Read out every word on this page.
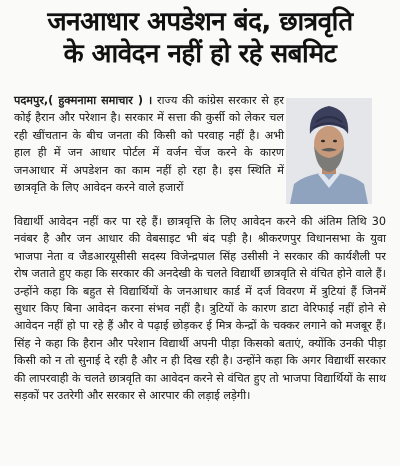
जनआधार अपडेशन बंद, छात्रवृति
के आवेदन नहीं हो रहे सबमिट
पदमपुर,( हुक्मनामा समाचार ) । राज्य की कांग्रेस सरकार से हर कोई हैरान और परेशान है। सरकार में सत्ता की कुर्सी को लेकर चल रही खींचतान के बीच जनता की किसी को परवाह नहीं है। अभी हाल ही में जन आधार पोर्टल में वर्जन चेंज करने के कारण जनआधार में अपडेशन का काम नहीं हो रहा है। इस स्थिति में छात्रवृति के लिए आवेदन करने वाले हजारों
विद्यार्थी आवेदन नहीं कर पा रहे हैं। छात्रवृत्ति के लिए आवेदन करने की अंतिम तिथि 30 नवंबर है और जन आधार की वेबसाइट भी बंद पड़ी है। श्रीकरणपुर विधानसभा के युवा भाजपा नेता व जैडआरयूसीसी सदस्य विजेन्द्रपाल सिंह उसीसी ने सरकार की कार्यशैली पर रोष जताते हुए कहा कि सरकार की अनदेखी के चलते विद्यार्थी छात्रवृति से वंचित होने वाले हैं। उन्होंने कहा कि बहुत से विद्यार्थियों के जनआधार कार्ड में दर्ज विवरण में त्रुटियां हैं जिनमें सुधार किए बिना आवेदन करना संभव नहीं है। त्रुटियों के कारण डाटा वेरिफाई नहीं होने से आवेदन नहीं हो पा रहे हैं और वे पढ़ाई छोड़कर ई मित्र केन्द्रों के चक्कर लगाने को मजबूर हैं। सिंह ने कहा कि हैरान और परेशान विद्यार्थी अपनी पीड़ा किसको बताएं, क्योंकि उनकी पीड़ा किसी को न तो सुनाई दे रही है और न ही दिख रही है। उन्होंने कहा कि अगर विद्यार्थी सरकार की लापरवाही के चलते छात्रवृति का आवेदन करने से वंचित हुए तो भाजपा विद्यार्थियों के साथ सड़कों पर उतरेगी और सरकार से आरपार की लड़ाई लड़ेगी।
